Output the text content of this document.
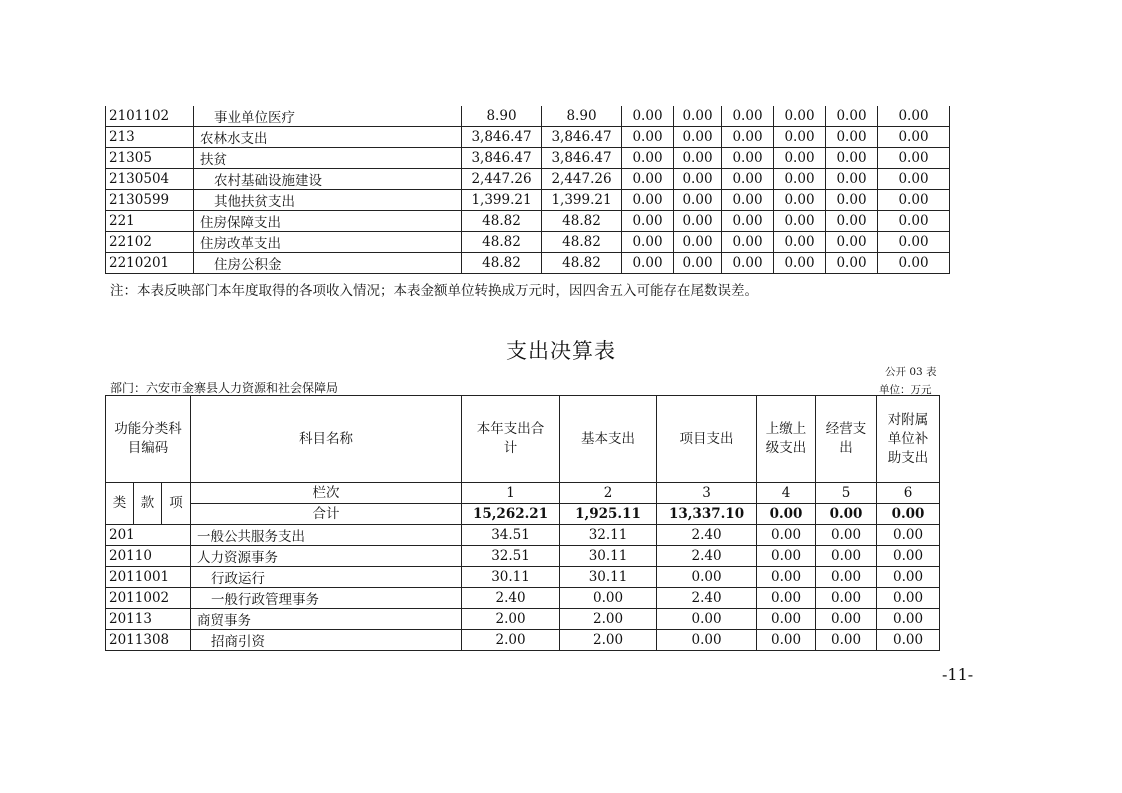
2101102	事业单位医疗	8.90	8.90	0.00	0.00	0.00	0.00	0.00	0.00
213	农林水支出	3,846.47	3,846.47	0.00	0.00	0.00	0.00	0.00	0.00
21305	扶贫	3,846.47	3,846.47	0.00	0.00	0.00	0.00	0.00	0.00
2130504	农村基础设施建设	2,447.26	2,447.26	0.00	0.00	0.00	0.00	0.00	0.00
2130599	其他扶贫支出	1,399.21	1,399.21	0.00	0.00	0.00	0.00	0.00	0.00
221	住房保障支出	48.82	48.82	0.00	0.00	0.00	0.00	0.00	0.00
22102	住房改革支出	48.82	48.82	0.00	0.00	0.00	0.00	0.00	0.00
2210201	住房公积金	48.82	48.82	0.00	0.00	0.00	0.00	0.00	0.00
注：本表反映部门本年度取得的各项收入情况；本表金额单位转换成万元时，因四舍五入可能存在尾数误差。
支出决算表
公开 03 表
部门：六安市金寨县人力资源和社会保障局	单位：万元
功能分类科目编码			科目名称	本年支出合计	基本支出	项目支出	上缴上级支出	经营支出	对附属单位补助支出
类	款	项	栏次	1	2	3	4	5	6
			合计	15,262.21	1,925.11	13,337.10	0.00	0.00	0.00
201			一般公共服务支出	34.51	32.11	2.40	0.00	0.00	0.00
20110			人力资源事务	32.51	30.11	2.40	0.00	0.00	0.00
2011001			行政运行	30.11	30.11	0.00	0.00	0.00	0.00
2011002			一般行政管理事务	2.40	0.00	2.40	0.00	0.00	0.00
20113			商贸事务	2.00	2.00	0.00	0.00	0.00	0.00
2011308			招商引资	2.00	2.00	0.00	0.00	0.00	0.00
-11-
